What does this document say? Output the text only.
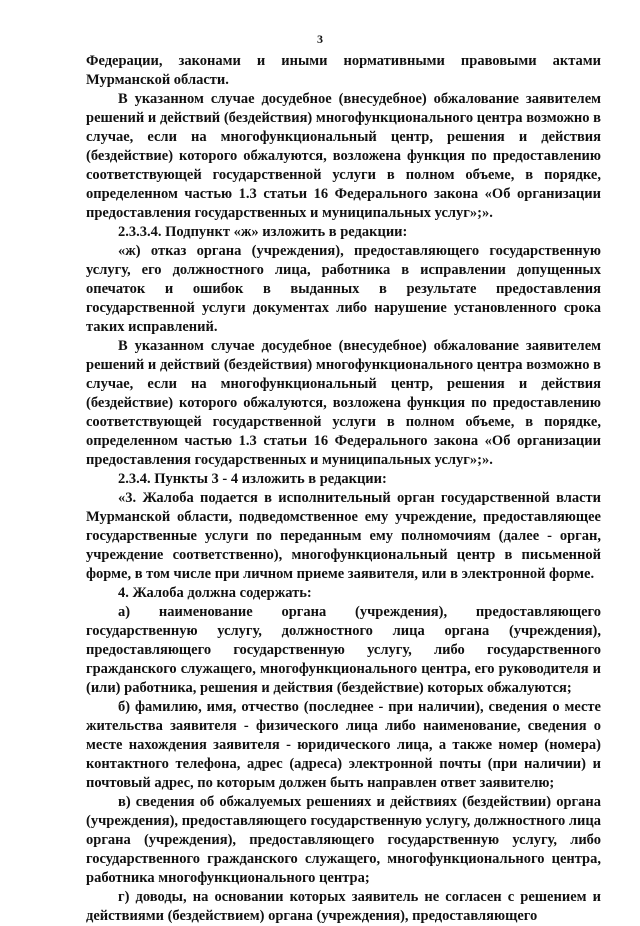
3

Федерации, законами и иными нормативными правовыми актами Мурманской области.

В указанном случае досудебное (внесудебное) обжалование заявителем решений и действий (бездействия) многофункционального центра возможно в случае, если на многофункциональный центр, решения и действия (бездействие) которого обжалуются, возложена функция по предоставлению соответствующей государственной услуги в полном объеме, в порядке, определенном частью 1.3 статьи 16 Федерального закона «Об организации предоставления государственных и муниципальных услуг»;».

2.3.3.4. Подпункт «ж» изложить в редакции:

«ж) отказ органа (учреждения), предоставляющего государственную услугу, его должностного лица, работника в исправлении допущенных опечаток и ошибок в выданных в результате предоставления государственной услуги документах либо нарушение установленного срока таких исправлений.

В указанном случае досудебное (внесудебное) обжалование заявителем решений и действий (бездействия) многофункционального центра возможно в случае, если на многофункциональный центр, решения и действия (бездействие) которого обжалуются, возложена функция по предоставлению соответствующей государственной услуги в полном объеме, в порядке, определенном частью 1.3 статьи 16 Федерального закона «Об организации предоставления государственных и муниципальных услуг»;».

2.3.4. Пункты 3 - 4 изложить в редакции:

«3. Жалоба подается в исполнительный орган государственной власти Мурманской области, подведомственное ему учреждение, предоставляющее государственные услуги по переданным ему полномочиям (далее - орган, учреждение соответственно), многофункциональный центр в письменной форме, в том числе при личном приеме заявителя, или в электронной форме.

4. Жалоба должна содержать:

а) наименование органа (учреждения), предоставляющего государственную услугу, должностного лица органа (учреждения), предоставляющего государственную услугу, либо государственного гражданского служащего, многофункционального центра, его руководителя и (или) работника, решения и действия (бездействие) которых обжалуются;

б) фамилию, имя, отчество (последнее - при наличии), сведения о месте жительства заявителя - физического лица либо наименование, сведения о месте нахождения заявителя - юридического лица, а также номер (номера) контактного телефона, адрес (адреса) электронной почты (при наличии) и почтовый адрес, по которым должен быть направлен ответ заявителю;

в) сведения об обжалуемых решениях и действиях (бездействии) органа (учреждения), предоставляющего государственную услугу, должностного лица органа (учреждения), предоставляющего государственную услугу, либо государственного гражданского служащего, многофункционального центра, работника многофункционального центра;

г) доводы, на основании которых заявитель не согласен с решением и действиями (бездействием) органа (учреждения), предоставляющего
